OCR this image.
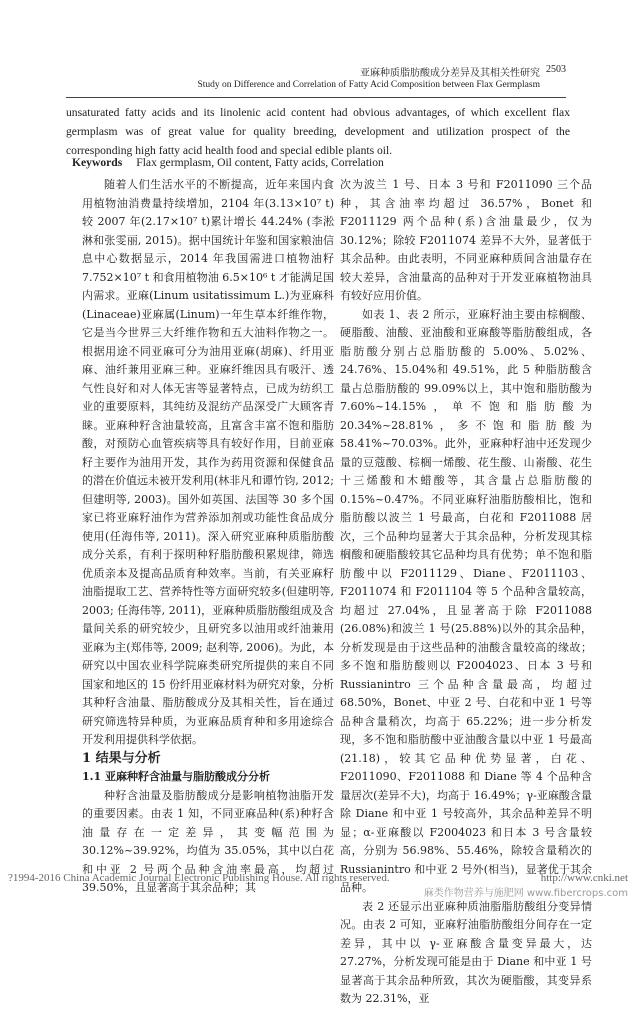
亚麻种质脂肪酸成分差异及其相关性研究 2503
Study on Difference and Correlation of Fatty Acid Composition between Flax Germplasm
unsaturated fatty acids and its linolenic acid content had obvious advantages, of which excellent flax germplasm was of great value for quality breeding, development and utilization prospect of the corresponding high fatty acid health food and special edible plants oil.
Keywords Flax germplasm, Oil content, Fatty acids, Correlation

随着人们生活水平的不断提高，近年来国内食用植物油消费量持续增加，2104 年(3.13×10⁷ t)较 2007 年(2.17×10⁷ t)累计增长 44.24% (李淞淋和张雯丽, 2015)。据中国统计年鉴和国家粮油信息中心数据显示，2014 年我国需进口植物油籽 7.752×10⁷ t 和食用植物油 6.5×10⁶ t 才能满足国内需求。亚麻(Linum usitatissimum L.)为亚麻科(Linaceae)亚麻属(Linum)一年生草本纤维作物，它是当今世界三大纤维作物和五大油料作物之一。根据用途不同亚麻可分为油用亚麻(胡麻)、纤用亚麻、油纤兼用亚麻三种。亚麻纤维因具有吸汗、透气性良好和对人体无害等显著特点，已成为纺织工业的重要原料，其纯纺及混纺产品深受广大顾客青睐。亚麻种籽含油量较高，且富含丰富不饱和脂肪酸，对预防心血管疾病等具有较好作用，目前亚麻籽主要作为油用开发，其作为药用资源和保健食品的潜在价值远未被开发利用(林非凡和谭竹钧, 2012; 但建明等, 2003)。国外如英国、法国等 30 多个国家已将亚麻籽油作为营养添加剂或功能性食品成分使用(任海伟等, 2011)。深入研究亚麻种质脂肪酸成分关系，有利于探明种籽脂肪酸积累规律，筛选优质亲本及提高品质育种效率。当前，有关亚麻籽油脂提取工艺、营养特性等方面研究较多(但建明等, 2003; 任海伟等, 2011)，亚麻种质脂肪酸组成及含量间关系的研究较少，且研究多以油用或纤油兼用亚麻为主(郑伟等, 2009; 赵利等, 2006)。为此，本研究以中国农业科学院麻类研究所提供的来自不同国家和地区的 15 份纤用亚麻材料为研究对象，分析其种籽含油量、脂肪酸成分及其相关性，旨在通过研究筛选特异种质，为亚麻品质育种和多用途综合开发利用提供科学依据。

1 结果与分析

1.1 亚麻种籽含油量与脂肪酸成分分析

种籽含油量及脂肪酸成分是影响植物油脂开发的重要因素。由表 1 知，不同亚麻品种(系)种籽含油量存在一定差异，其变幅范围为 30.12%~39.92%，均值为 35.05%，其中以白花和中亚 2 号两个品种含油率最高，均超过 39.50%，且显著高于其余品种；其

次为波兰 1 号、日本 3 号和 F2011090 三个品种，其含油率均超过 36.57%，Bonet 和 F2011129 两个品种(系)含油量最少，仅为 30.12%；除较 F2011074 差异不大外，显著低于其余品种。由此表明，不同亚麻种质间含油量存在较大差异，含油量高的品种对于开发亚麻植物油具有较好应用价值。

如表 1、表 2 所示，亚麻籽油主要由棕榈酸、硬脂酸、油酸、亚油酸和亚麻酸等脂肪酸组成，各脂肪酸分别占总脂肪酸的 5.00%、5.02%、24.76%、15.04%和 49.51%，此 5 种脂肪酸含量占总脂肪酸的 99.09%以上，其中饱和脂肪酸为 7.60%~14.15%，单不饱和脂肪酸为 20.34%~28.81%，多不饱和脂肪酸为 58.41%~70.03%。此外，亚麻种籽油中还发现少量的豆蔻酸、棕榈一烯酸、花生酸、山嵛酸、花生十三烯酸和木蜡酸等，其含量占总脂肪酸的 0.15%~0.47%。不同亚麻籽油脂肪酸相比，饱和脂肪酸以波兰 1 号最高，白花和 F2011088 居次，三个品种均显著大于其余品种，分析发现其棕榈酸和硬脂酸较其它品种均具有优势；单不饱和脂肪酸中以 F2011129、Diane、F2011103、F2011074 和 F2011104 等 5 个品种含量较高，均超过 27.04%，且显著高于除 F2011088 (26.08%)和波兰 1 号(25.88%)以外的其余品种，分析发现是由于这些品种的油酸含量较高的缘故；多不饱和脂肪酸则以 F2004023、日本 3 号和 Russianintro 三个品种含量最高，均超过 68.50%，Bonet、中亚 2 号、白花和中亚 1 号等品种含量稍次，均高于 65.22%；进一步分析发现，多不饱和脂肪酸中亚油酸含量以中亚 1 号最高(21.18)，较其它品种优势显著，白花、F2011090、F2011088 和 Diane 等 4 个品种含量居次(差异不大)，均高于 16.49%；γ-亚麻酸含量除 Diane 和中亚 1 号较高外，其余品种差异不明显；α-亚麻酸以 F2004023 和日本 3 号含量较高，分别为 56.98%、55.46%，除较含量稍次的 Russianintro 和中亚 2 号外(相当)，显著优于其余品种。

表 2 还显示出亚麻种质油脂脂肪酸组分变异情况。由表 2 可知，亚麻籽油脂肪酸组分间存在一定差异，其中以 γ-亚麻酸含量变异最大，达 27.27%，分析发现可能是由于 Diane 和中亚 1 号显著高于其余品种所致，其次为硬脂酸，其变异系数为 22.31%，亚

?1994-2016 China Academic Journal Electronic Publishing House. All rights reserved.	http://www.cnki.net
麻类作物营养与施肥网 www.fibercrops.com
